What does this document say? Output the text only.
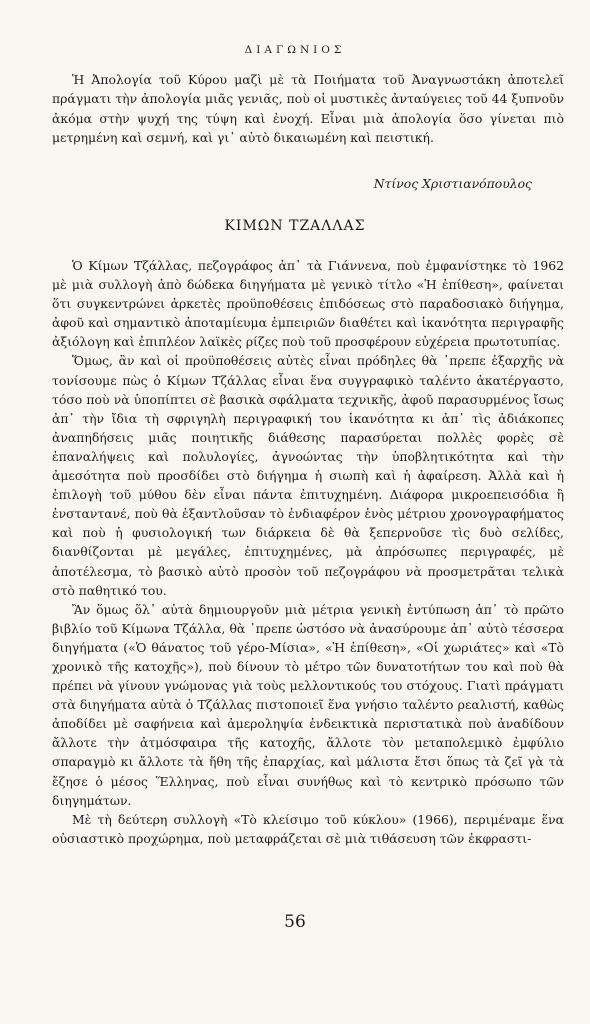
ΔΙΑΓΩΝΙΟΣ

Ἡ Ἀπολογία τοῦ Κύρου μαζὶ μὲ τὰ Ποιήματα τοῦ Ἀναγνωστάκη ἀποτελεῖ πράγματι τὴν ἀπολογία μιᾶς γενιᾶς, ποὺ οἱ μυστικὲς ἀνταύγειες τοῦ 44 ξυπνοῦν ἀκόμα στὴν ψυχή της τύψη καὶ ἐνοχή. Εἶναι μιὰ ἀπολογία ὅσο γίνεται πιὸ μετρημένη καὶ σεμνή, καὶ γι᾿ αὐτὸ δικαιωμένη καὶ πειστική.

Ντίνος Χριστιανόπουλος
ΚΙΜΩΝ ΤΖΑΛΛΑΣ

Ὁ Κίμων Τζάλλας, πεζογράφος ἀπ᾿ τὰ Γιάννενα, ποὺ ἐμφανίστηκε τὸ 1962 μὲ μιὰ συλλογὴ ἀπὸ δώδεκα διηγήματα μὲ γενικὸ τίτλο «Ἡ ἐπίθεση», φαίνεται ὅτι συγκεντρώνει ἀρκετὲς προϋποθέσεις ἐπιδόσεως στὸ παραδοσιακὸ διήγημα, ἀφοῦ καὶ σημαντικὸ ἀποταμίευμα ἐμπειριῶν διαθέτει καὶ ἱκανότητα περιγραφῆς ἀξιόλογη καὶ ἐπιπλέον λαϊκὲς ρίζες ποὺ τοῦ προσφέρουν εὐχέρεια πρωτοτυπίας.

Ὅμως, ἂν καὶ οἱ προϋποθέσεις αὐτὲς εἶναι πρόδηλες θὰ ᾿πρεπε ἐξαρχῆς νὰ τονίσουμε πὼς ὁ Κίμων Τζάλλας εἶναι ἕνα συγγραφικὸ ταλέντο ἀκατέργαστο, τόσο ποὺ νὰ ὑποπίπτει σὲ βασικὰ σφάλματα τεχνικῆς, ἀφοῦ παρασυρμένος ἴσως ἀπ᾿ τὴν ἴδια τὴ σφριγηλὴ περιγραφική του ἱκανότητα κι ἀπ᾿ τὶς ἀδιάκοπες ἀναπηδήσεις μιᾶς ποιητικῆς διάθεσης παρασύρεται πολλὲς φορὲς σὲ ἐπαναλήψεις καὶ πολυλογίες, ἀγνοώντας τὴν ὑποβλητικότητα καὶ τὴν ἀμεσότητα ποὺ προσδίδει στὸ διήγημα ἡ σιωπὴ καὶ ἡ ἀφαίρεση. Ἀλλὰ καὶ ἡ ἐπιλογὴ τοῦ μύθου δὲν εἶναι πάντα ἐπιτυχημένη. Διάφορα μικροεπεισόδια ἢ ἐνσταντανέ, ποὺ θὰ ἐξαντλοῦσαν τὸ ἐνδιαφέρον ἑνὸς μέτριου χρονογραφήματος καὶ ποὺ ἡ φυσιολογική των διάρκεια δὲ θὰ ξεπερνοῦσε τὶς δυὸ σελίδες, διανθίζονται μὲ μεγάλες, ἐπιτυχημένες, μὰ ἀπρόσωπες περιγραφές, μὲ ἀποτέλεσμα, τὸ βασικὸ αὐτὸ προσὸν τοῦ πεζογράφου νὰ προσμετρᾶται τελικὰ στὸ παθητικό του.

Ἂν ὅμως ὅλ᾿ αὐτὰ δημιουργοῦν μιὰ μέτρια γενικὴ ἐντύπωση ἀπ᾿ τὸ πρῶτο βιβλίο τοῦ Κίμωνα Τζάλλα, θὰ ᾿πρεπε ὡστόσο νὰ ἀνασύρουμε ἀπ᾿ αὐτὸ τέσσερα διηγήματα («Ὁ θάνατος τοῦ γέρο-Μίσια», «Ἡ ἐπίθεση», «Οἱ χωριάτες» καὶ «Τὸ χρονικὸ τῆς κατοχῆς»), ποὺ δίνουν τὸ μέτρο τῶν δυνατοτήτων του καὶ ποὺ θὰ πρέπει νὰ γίνουν γνώμονας γιὰ τοὺς μελλοντικούς του στόχους. Γιατὶ πράγματι στὰ διηγήματα αὐτὰ ὁ Τζάλλας πιστοποιεῖ ἕνα γνήσιο ταλέντο ρεαλιστή, καθὼς ἀποδίδει μὲ σαφήνεια καὶ ἀμεροληψία ἐνδεικτικὰ περιστατικὰ ποὺ ἀναδίδουν ἄλλοτε τὴν ἀτμόσφαιρα τῆς κατοχῆς, ἄλλοτε τὸν μεταπολεμικὸ ἐμφύλιο σπαραγμὸ κι ἄλλοτε τὰ ἤθη τῆς ἐπαρχίας, καὶ μάλιστα ἔτσι ὅπως τὰ ζεῖ γὰ τὰ ἔζησε ὁ μέσος Ἕλληνας, ποὺ εἶναι συνήθως καὶ τὸ κεντρικὸ πρόσωπο τῶν διηγημάτων.

Μὲ τὴ δεύτερη συλλογὴ «Τὸ κλείσιμο τοῦ κύκλου» (1966), περιμέναμε ἕνα οὐσιαστικὸ προχώρημα, ποὺ μεταφράζεται σὲ μιὰ τιθάσευση τῶν ἐκφραστι-

56
